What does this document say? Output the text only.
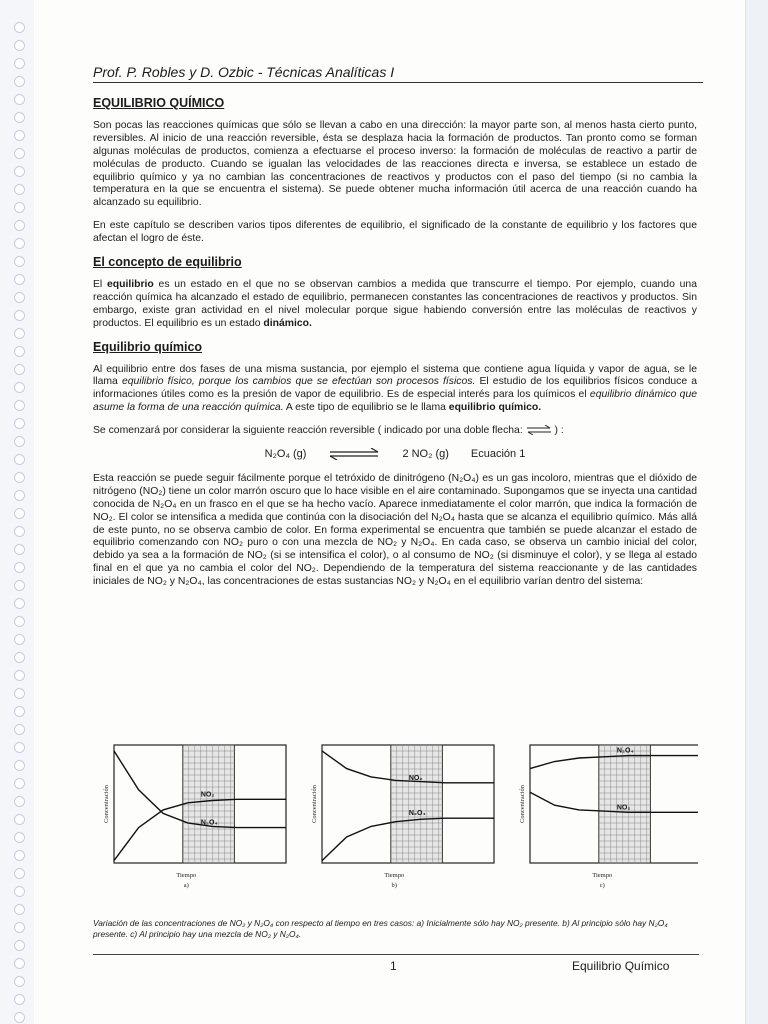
Prof. P. Robles y D. Ozbic - Técnicas Analíticas I
EQUILIBRIO QUÍMICO

Son pocas las reacciones químicas que sólo se llevan a cabo en una dirección: la mayor parte son, al menos hasta cierto punto, reversibles. Al inicio de una reacción reversible, ésta se desplaza hacia la formación de productos. Tan pronto como se forman algunas moléculas de productos, comienza a efectuarse el proceso inverso: la formación de moléculas de reactivo a partir de moléculas de producto. Cuando se igualan las velocidades de las reacciones directa e inversa, se establece un estado de equilibrio químico y ya no cambian las concentraciones de reactivos y productos con el paso del tiempo (si no cambia la temperatura en la que se encuentra el sistema). Se puede obtener mucha información útil acerca de una reacción cuando ha alcanzado su equilibrio.

En este capítulo se describen varios tipos diferentes de equilibrio, el significado de la constante de equilibrio y los factores que afectan el logro de éste.

El concepto de equilibrio

El equilibrio es un estado en el que no se observan cambios a medida que transcurre el tiempo. Por ejemplo, cuando una reacción química ha alcanzado el estado de equilibrio, permanecen constantes las concentraciones de reactivos y productos. Sin embargo, existe gran actividad en el nivel molecular porque sigue habiendo conversión entre las moléculas de reactivos y productos. El equilibrio es un estado dinámico.

Equilibrio químico

Al equilibrio entre dos fases de una misma sustancia, por ejemplo el sistema que contiene agua líquida y vapor de agua, se le llama equilibrio físico, porque los cambios que se efectúan son procesos físicos. El estudio de los equilibrios físicos conduce a informaciones útiles como es la presión de vapor de equilibrio. Es de especial interés para los químicos el equilibrio dinámico que asume la forma de una reacción química. A este tipo de equilibrio se le llama equilibrio químico.

Se comenzará por considerar la siguiente reacción reversible ( indicado por una doble flecha:	) :

N₂O₄ (g)	2 NO₂ (g) Ecuación 1

Esta reacción se puede seguir fácilmente porque el tetróxido de dinitrógeno (N₂O₄) es un gas incoloro, mientras que el dióxido de nitrógeno (NO₂) tiene un color marrón oscuro que lo hace visible en el aire contaminado. Supongamos que se inyecta una cantidad conocida de N₂O₄ en un frasco en el que se ha hecho vacío. Aparece inmediatamente el color marrón, que indica la formación de NO₂. El color se intensifica a medida que continúa con la disociación del N₂O₄ hasta que se alcanza el equilibrio químico. Más allá de este punto, no se observa cambio de color. En forma experimental se encuentra que también se puede alcanzar el estado de equilibrio comenzando con NO₂ puro o con una mezcla de NO₂ y N₂O₄. En cada caso, se observa un cambio inicial del color, debido ya sea a la formación de NO₂ (si se intensifica el color), o al consumo de NO₂ (si disminuye el color), y se llega al estado final en el que ya no cambia el color del NO₂. Dependiendo de la temperatura del sistema reaccionante y de las cantidades iniciales de NO₂ y N₂O₄, las concentraciones de estas sustancias NO₂ y N₂O₄ en el equilibrio varían dentro del sistema:

N₂O₄
NO₂
Concentración
Tiempo
a)
N₂O₄
NO₂
Concentración
Tiempo
b)
N₂O₄
NO₂
Concentración
Tiempo
c)
Variación de las concentraciones de NO₂ y N₂O₄ con respecto al tiempo en tres casos: a) Inicialmente sólo hay NO₂ presente. b) Al principio sólo hay N₂O₄ presente. c) Al principio hay una mezcla de NO₂ y N₂O₄.
1	Equilibrio Químico
